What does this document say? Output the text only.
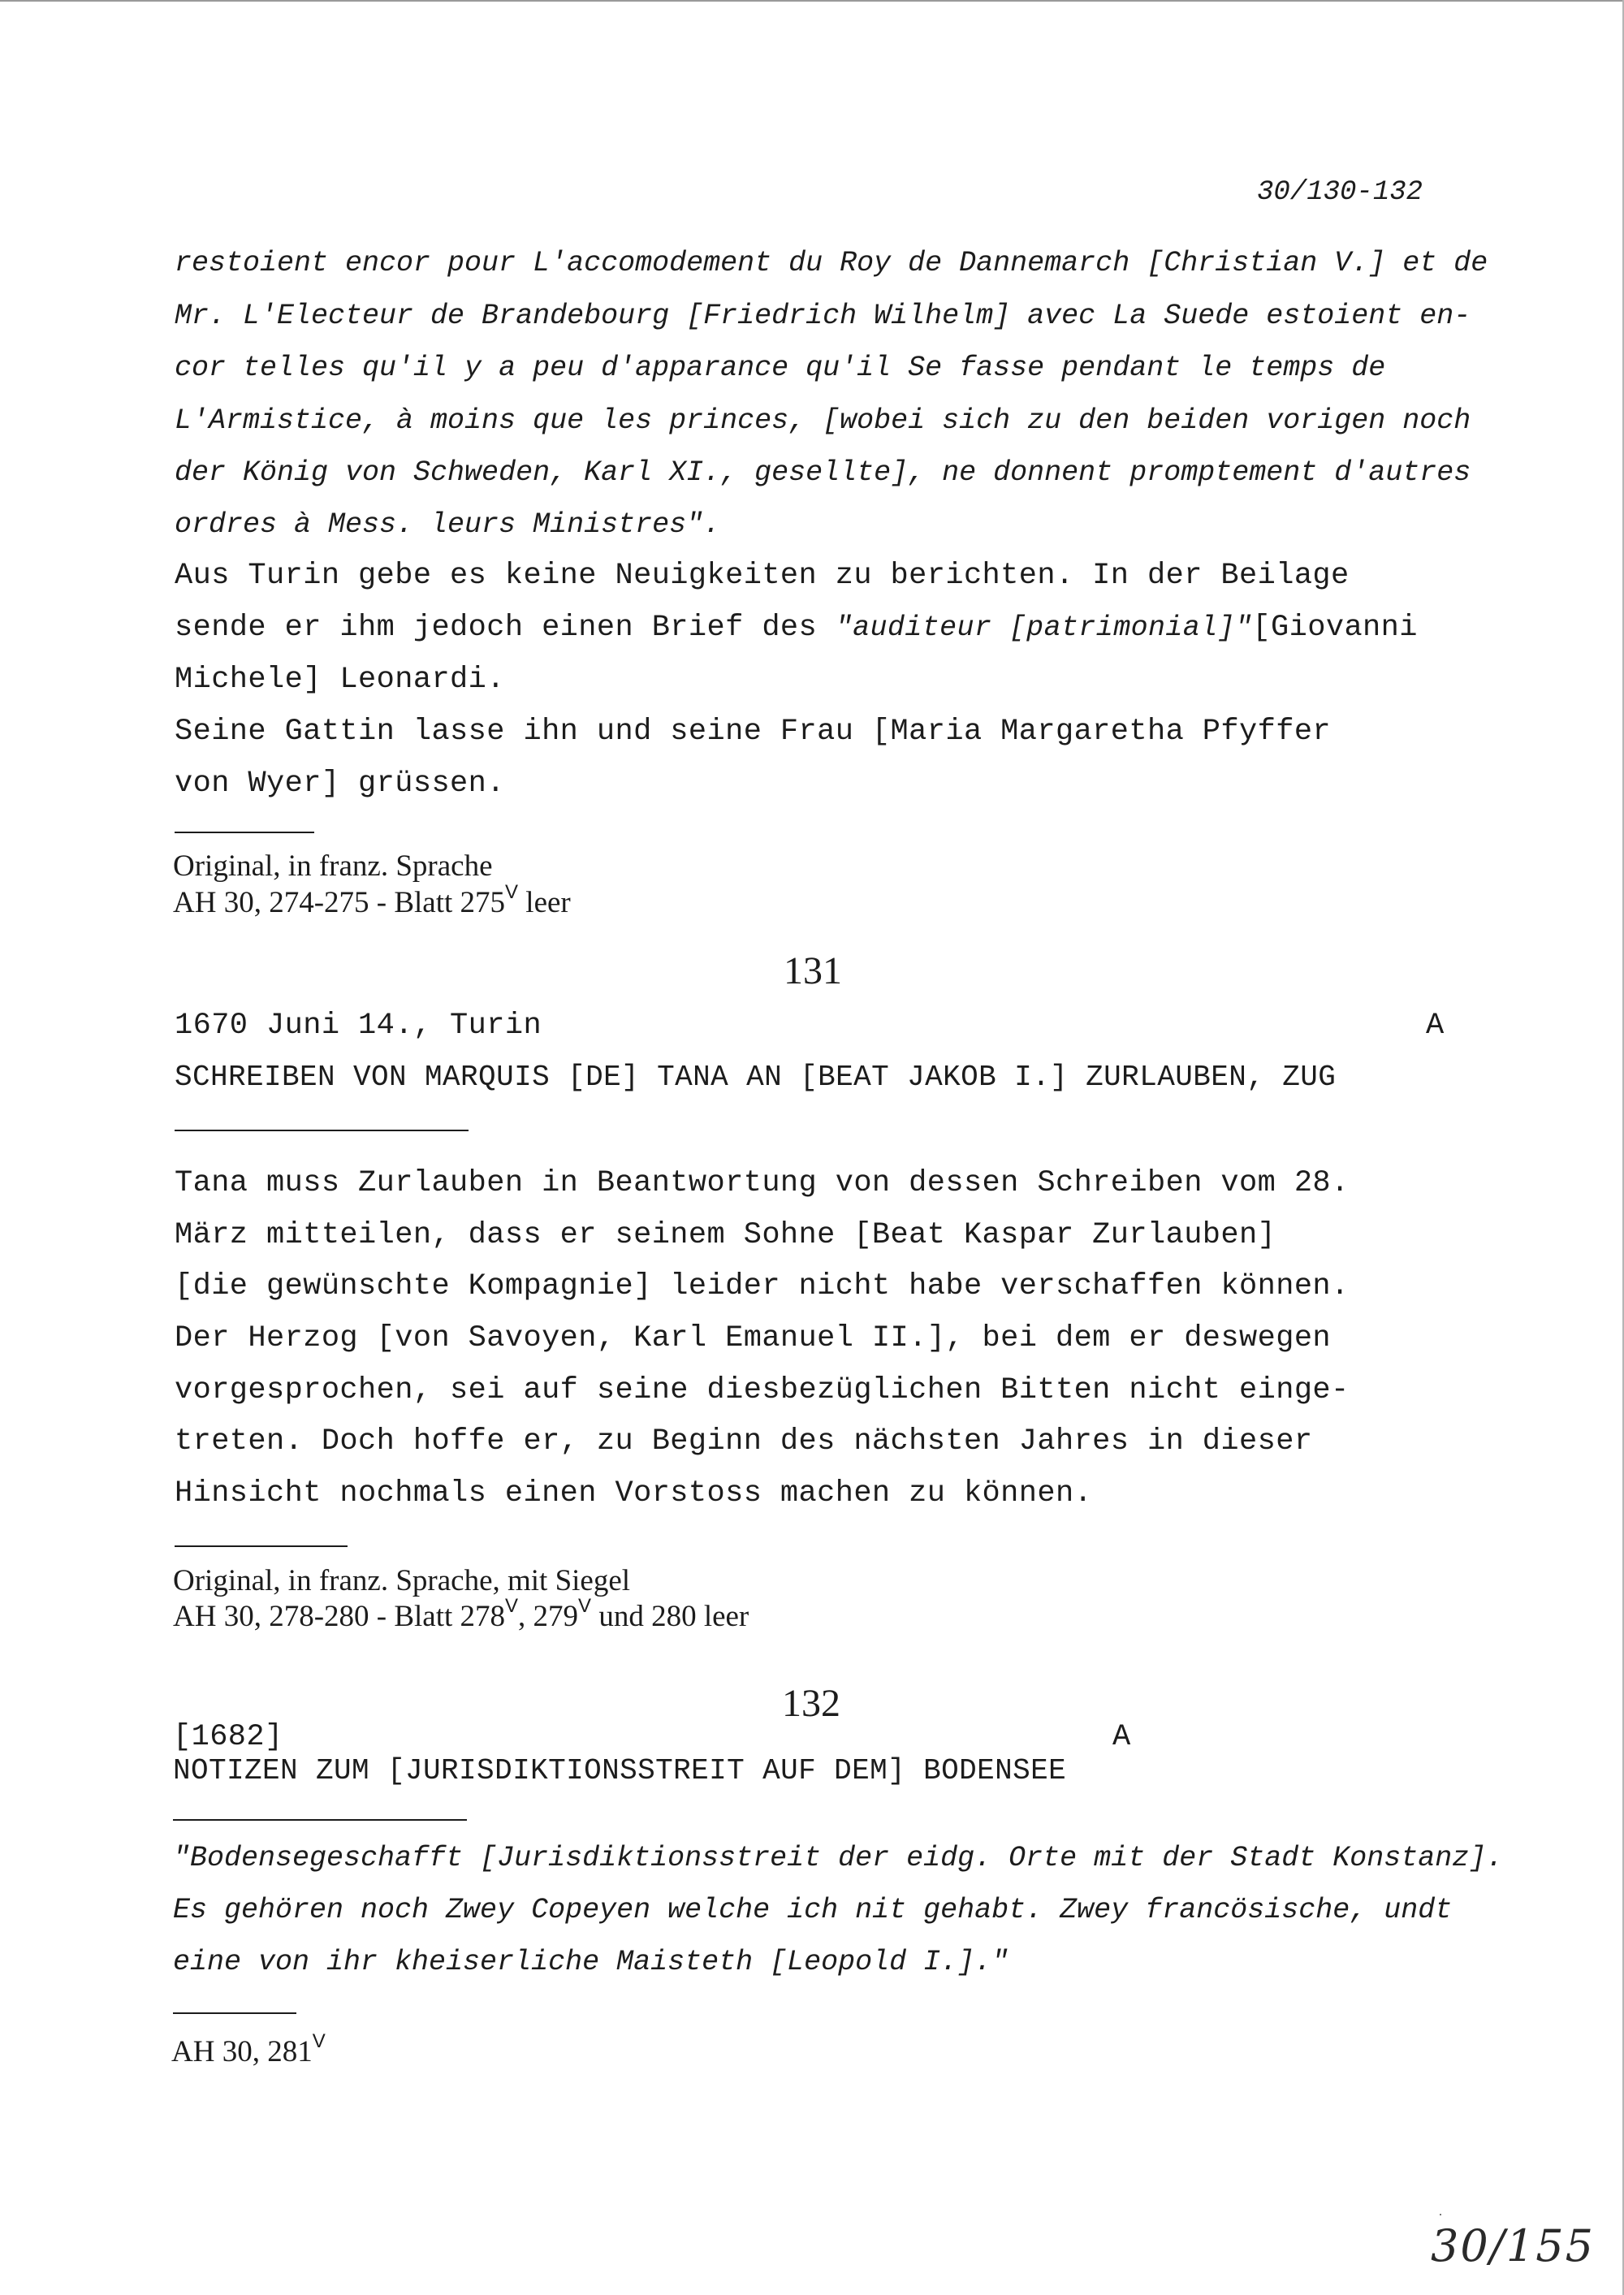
30/130-132
restoient encor pour L'accomodement du Roy de Dannemarch [Christian V.] et de
Mr. L'Electeur de Brandebourg [Friedrich Wilhelm] avec La Suede estoient en-
cor telles qu'il y a peu d'apparance qu'il Se fasse pendant le temps de
L'Armistice, à moins que les princes, [wobei sich zu den beiden vorigen noch
der König von Schweden, Karl XI., gesellte], ne donnent promptement d'autres
ordres à Mess. leurs Ministres".
Aus Turin gebe es keine Neuigkeiten zu berichten. In der Beilage
sende er ihm jedoch einen Brief des "auditeur [patrimonial]"[Giovanni
Michele] Leonardi.
Seine Gattin lasse ihn und seine Frau [Maria Margaretha Pfyffer
von Wyer] grüssen.
Original, in franz. Sprache
AH 30, 274-275 - Blatt $275^V$ leer
131
1670 Juni 14., Turin	A
SCHREIBEN VON MARQUIS [DE] TANA AN [BEAT JAKOB I.] ZURLAUBEN, ZUG
Tana muss Zurlauben in Beantwortung von dessen Schreiben vom 28.
März mitteilen, dass er seinem Sohne [Beat Kaspar Zurlauben]
[die gewünschte Kompagnie] leider nicht habe verschaffen können.
Der Herzog [von Savoyen, Karl Emanuel II.], bei dem er deswegen
vorgesprochen, sei auf seine diesbezüglichen Bitten nicht einge-
treten. Doch hoffe er, zu Beginn des nächsten Jahres in dieser
Hinsicht nochmals einen Vorstoss machen zu können.
Original, in franz. Sprache, mit Siegel
AH 30, 278-280 - Blatt $278^V$, $279^V$ und 280 leer
132
[1682]	A
NOTIZEN ZUM [JURISDIKTIONSSTREIT AUF DEM] BODENSEE
"Bodensegeschafft [Jurisdiktionsstreit der eidg. Orte mit der Stadt Konstanz].
Es gehören noch Zwey Copeyen welche ich nit gehabt. Zwey francösische, undt
eine von ihr kheiserliche Maisteth [Leopold I.]."
AH 30, $281^V$
30/155
